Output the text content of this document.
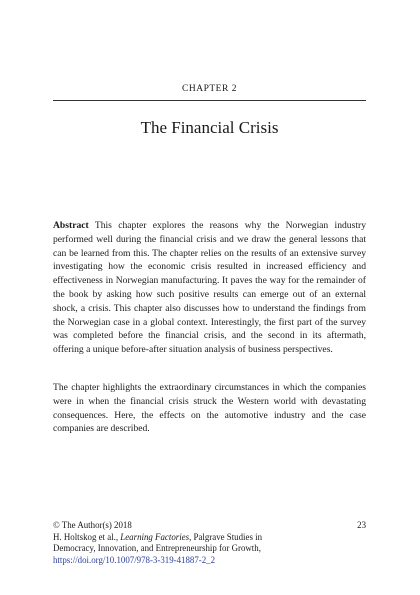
CHAPTER 2
The Financial Crisis

Abstract This chapter explores the reasons why the Norwegian industry performed well during the financial crisis and we draw the general lessons that can be learned from this. The chapter relies on the results of an extensive survey investigating how the economic crisis resulted in increased efficiency and effectiveness in Norwegian manufacturing. It paves the way for the remainder of the book by asking how such positive results can emerge out of an external shock, a crisis. This chapter also discusses how to understand the findings from the Norwegian case in a global context. Interestingly, the first part of the survey was completed before the financial crisis, and the second in its aftermath, offering a unique before-after situation analysis of business perspectives.

The chapter highlights the extraordinary circumstances in which the companies were in when the financial crisis struck the Western world with devastating consequences. Here, the effects on the automotive industry and the case companies are described.

© The Author(s) 2018
H. Holtskog et al., Learning Factories, Palgrave Studies in
Democracy, Innovation, and Entrepreneurship for Growth,
https://doi.org/10.1007/978-3-319-41887-2_2
23
